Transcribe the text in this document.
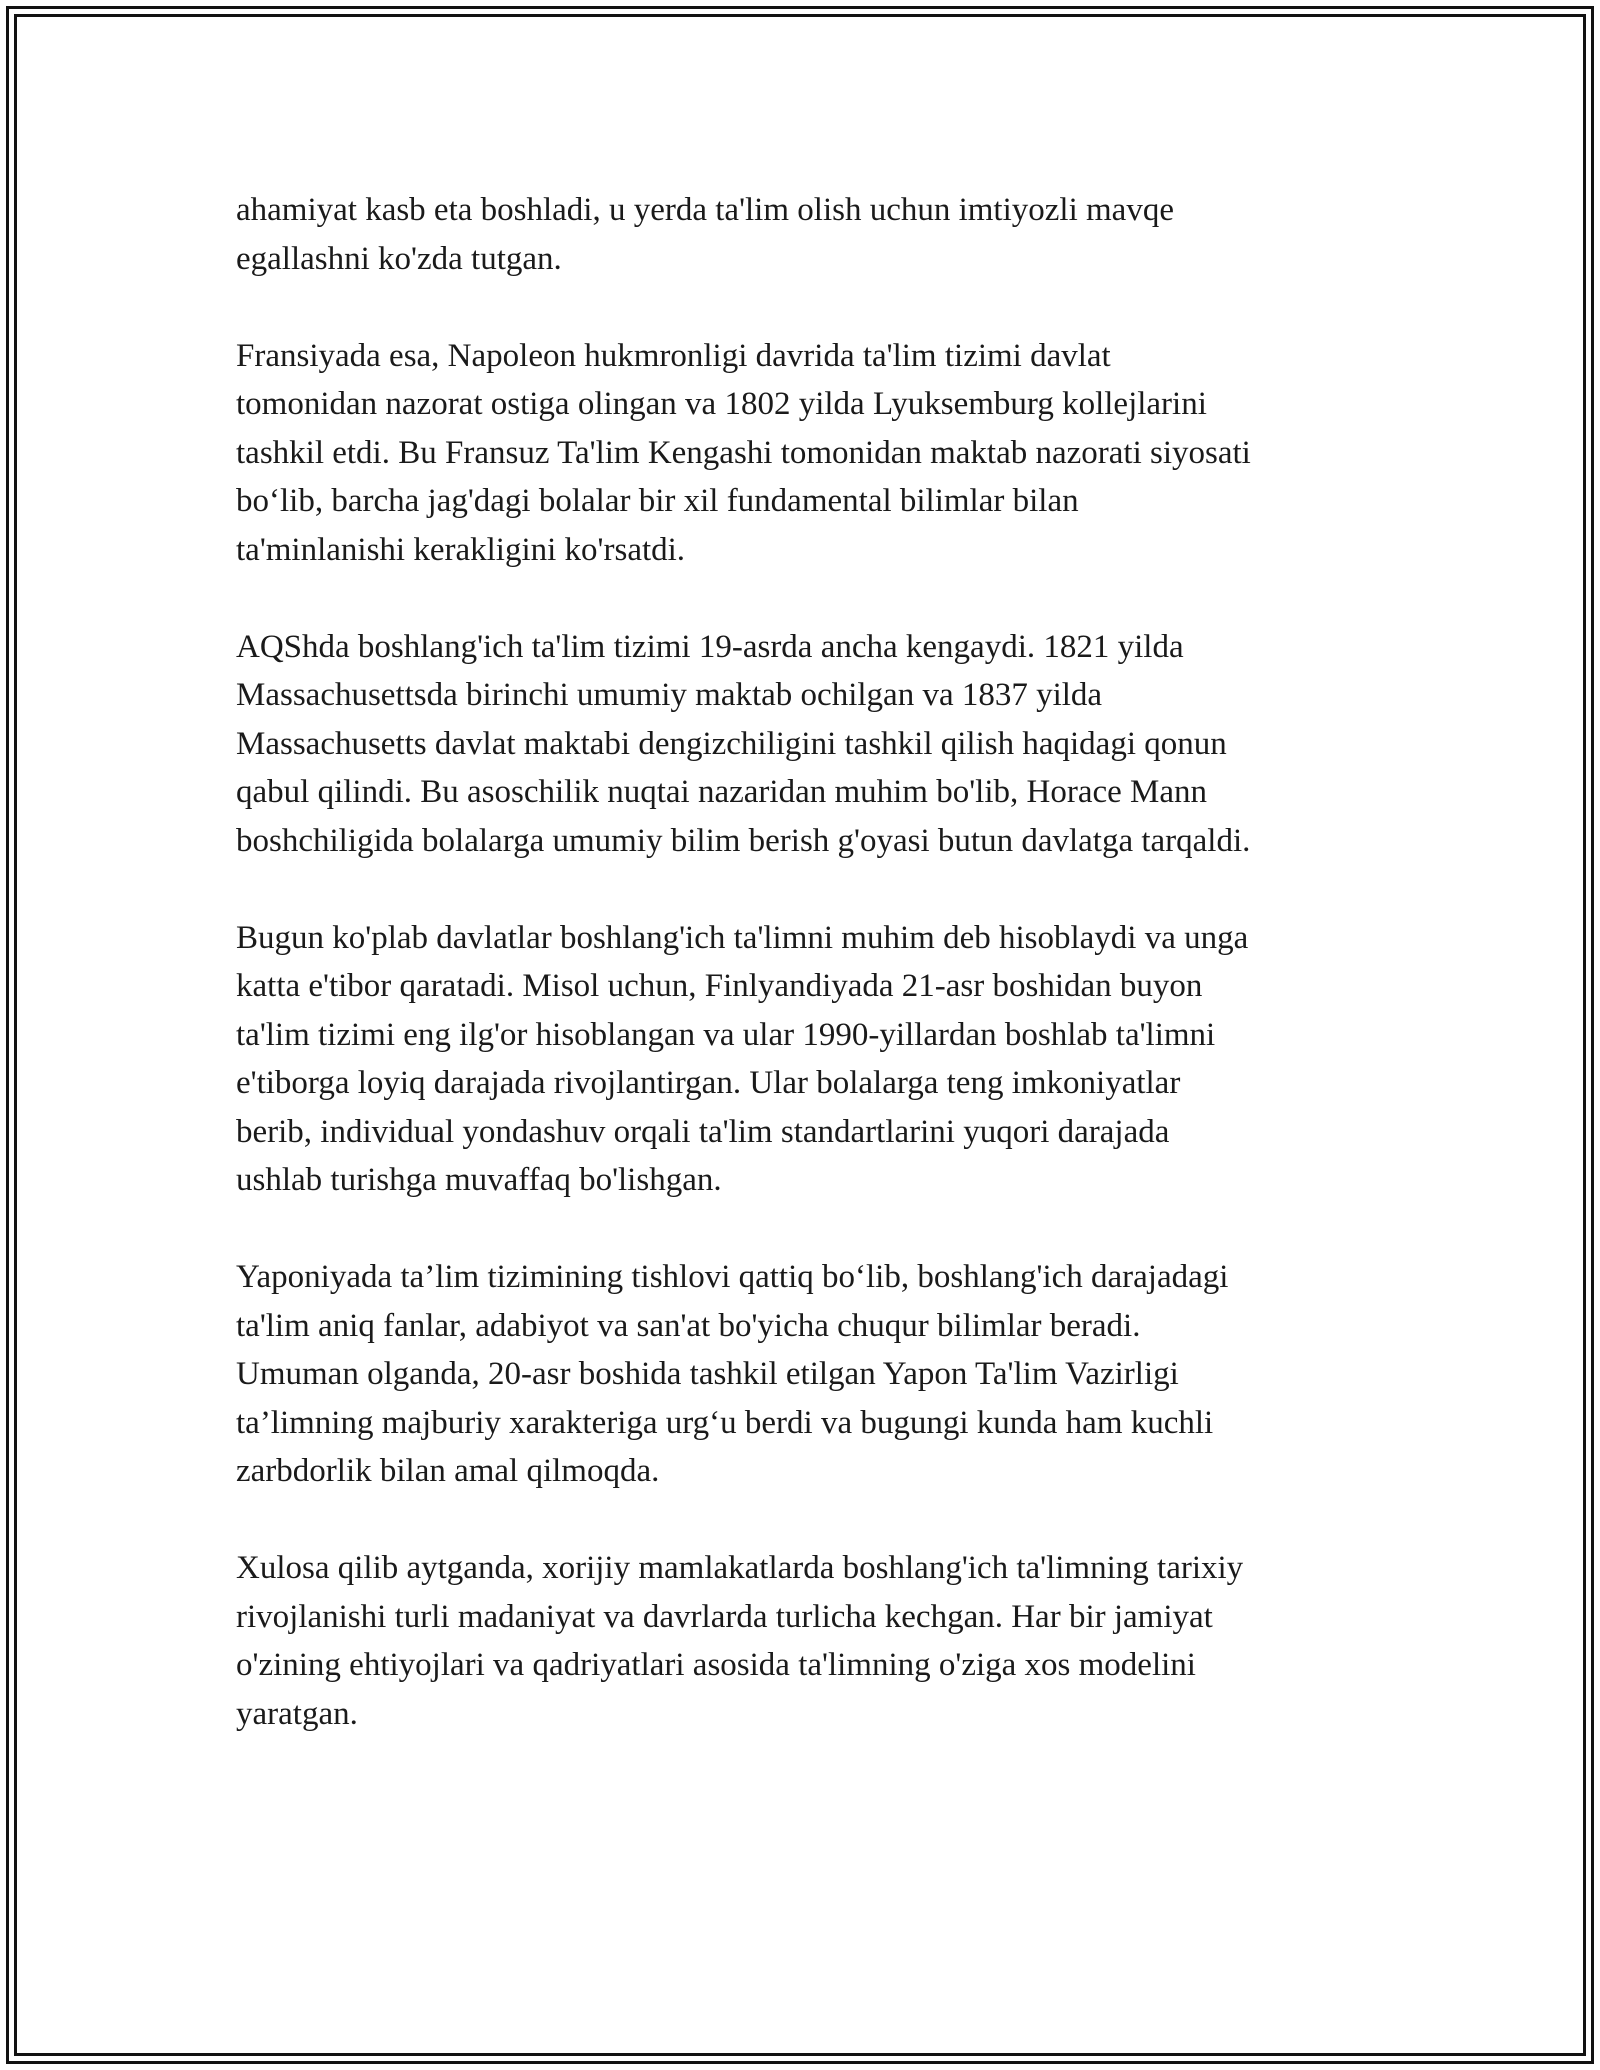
ahamiyat kasb eta boshladi, u yerda ta'lim olish uchun imtiyozli mavqe
egallashni ko'zda tutgan.

Fransiyada esa, Napoleon hukmronligi davrida ta'lim tizimi davlat
tomonidan nazorat ostiga olingan va 1802 yilda Lyuksemburg kollejlarini
tashkil etdi. Bu Fransuz Ta'lim Kengashi tomonidan maktab nazorati siyosati
bo‘lib, barcha jag'dagi bolalar bir xil fundamental bilimlar bilan
ta'minlanishi kerakligini ko'rsatdi.

AQShda boshlang'ich ta'lim tizimi 19-asrda ancha kengaydi. 1821 yilda
Massachusettsda birinchi umumiy maktab ochilgan va 1837 yilda
Massachusetts davlat maktabi dengizchiligini tashkil qilish haqidagi qonun
qabul qilindi. Bu asoschilik nuqtai nazaridan muhim bo'lib, Horace Mann
boshchiligida bolalarga umumiy bilim berish g'oyasi butun davlatga tarqaldi.

Bugun ko'plab davlatlar boshlang'ich ta'limni muhim deb hisoblaydi va unga
katta e'tibor qaratadi. Misol uchun, Finlyandiyada 21-asr boshidan buyon
ta'lim tizimi eng ilg'or hisoblangan va ular 1990-yillardan boshlab ta'limni
e'tiborga loyiq darajada rivojlantirgan. Ular bolalarga teng imkoniyatlar
berib, individual yondashuv orqali ta'lim standartlarini yuqori darajada
ushlab turishga muvaffaq bo'lishgan.

Yaponiyada ta’lim tizimining tishlovi qattiq bo‘lib, boshlang'ich darajadagi
ta'lim aniq fanlar, adabiyot va san'at bo'yicha chuqur bilimlar beradi.
Umuman olganda, 20-asr boshida tashkil etilgan Yapon Ta'lim Vazirligi
ta’limning majburiy xarakteriga urg‘u berdi va bugungi kunda ham kuchli
zarbdorlik bilan amal qilmoqda.

Xulosa qilib aytganda, xorijiy mamlakatlarda boshlang'ich ta'limning tarixiy
rivojlanishi turli madaniyat va davrlarda turlicha kechgan. Har bir jamiyat
o'zining ehtiyojlari va qadriyatlari asosida ta'limning o'ziga xos modelini
yaratgan.
